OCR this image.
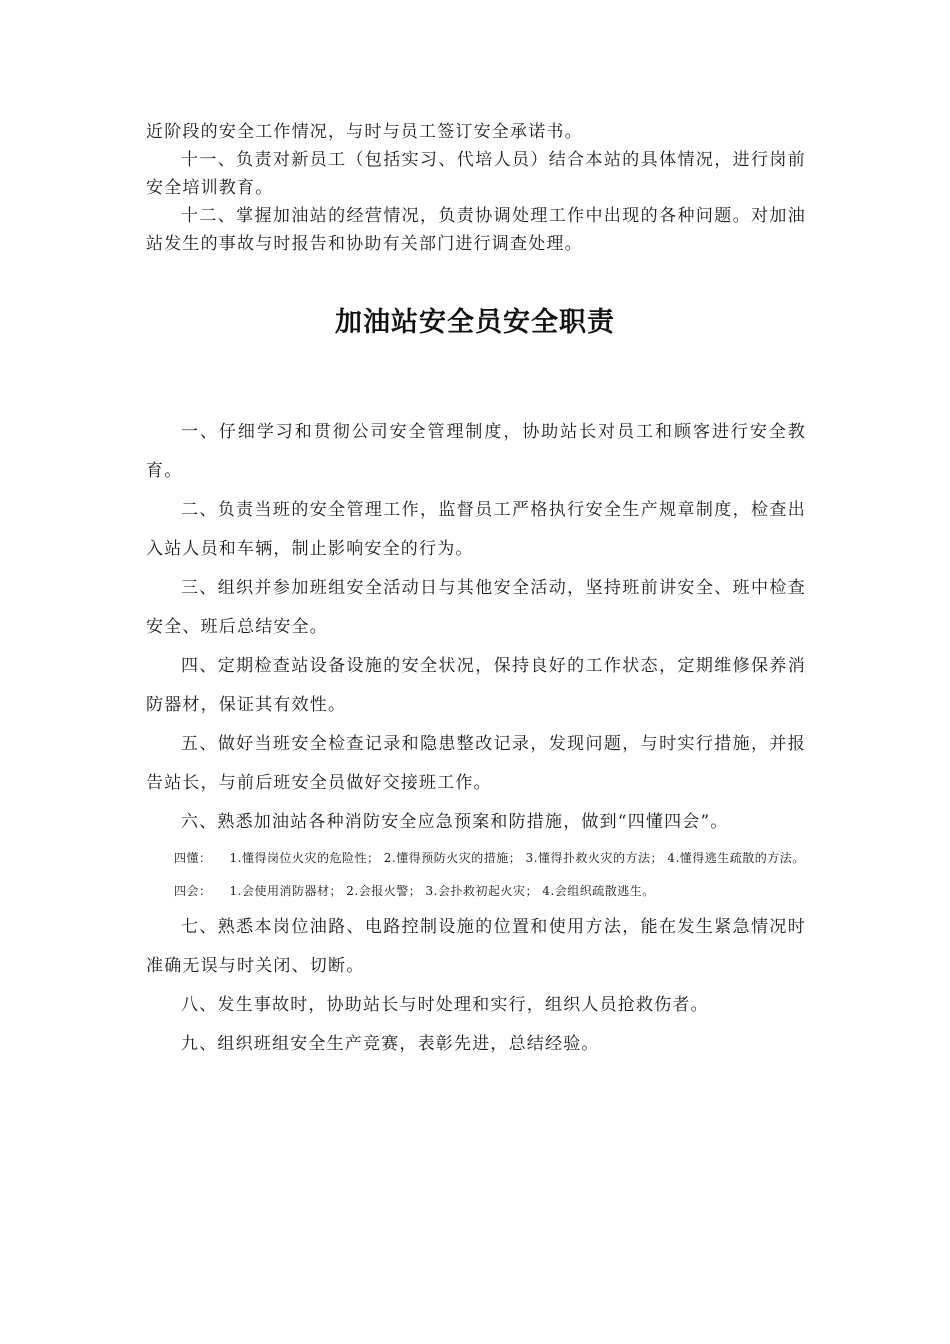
近阶段的安全工作情况，与时与员工签订安全承诺书。

十一、负责对新员工（包括实习、代培人员）结合本站的具体情况，进行岗前安全培训教育。

十二、掌握加油站的经营情况，负责协调处理工作中出现的各种问题。对加油站发生的事故与时报告和协助有关部门进行调查处理。

加油站安全员安全职责

一、仔细学习和贯彻公司安全管理制度，协助站长对员工和顾客进行安全教育。

二、负责当班的安全管理工作，监督员工严格执行安全生产规章制度，检查出入站人员和车辆，制止影响安全的行为。

三、组织并参加班组安全活动日与其他安全活动，坚持班前讲安全、班中检查安全、班后总结安全。

四、定期检查站设备设施的安全状况，保持良好的工作状态，定期维修保养消防器材，保证其有效性。

五、做好当班安全检查记录和隐患整改记录，发现问题，与时实行措施，并报告站长，与前后班安全员做好交接班工作。

六、熟悉加油站各种消防安全应急预案和防措施，做到“四懂四会”。

四懂： 1.懂得岗位火灾的危险性； 2.懂得预防火灾的措施； 3.懂得扑救火灾的方法； 4.懂得逃生疏散的方法。

四会： 1.会使用消防器材； 2.会报火警； 3.会扑救初起火灾； 4.会组织疏散逃生。

七、熟悉本岗位油路、电路控制设施的位置和使用方法，能在发生紧急情况时准确无误与时关闭、切断。

八、发生事故时，协助站长与时处理和实行，组织人员抢救伤者。

九、组织班组安全生产竞赛，表彰先进，总结经验。
